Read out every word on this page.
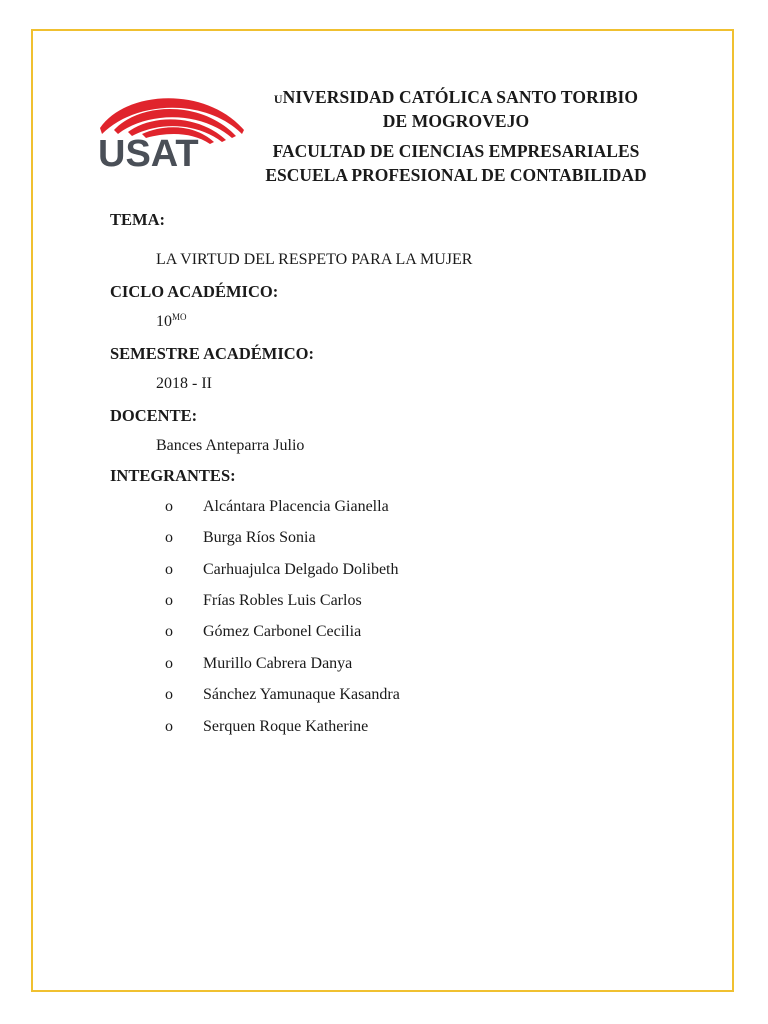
USAT
UNIVERSIDAD CATÓLICA SANTO TORIBIO
DE MOGROVEJO
FACULTAD DE CIENCIAS EMPRESARIALES
ESCUELA PROFESIONAL DE CONTABILIDAD
TEMA:
LA VIRTUD DEL RESPETO PARA LA MUJER
CICLO ACADÉMICO:
$10^{MO}$
SEMESTRE ACADÉMICO:
2018 - II
DOCENTE:
Bances Anteparra Julio
INTEGRANTES:
o Alcántara Placencia Gianella
o Burga Ríos Sonia
o Carhuajulca Delgado Dolibeth
o Frías Robles Luis Carlos
o Gómez Carbonel Cecilia
o Murillo Cabrera Danya
o Sánchez Yamunaque Kasandra
o Serquen Roque Katherine
